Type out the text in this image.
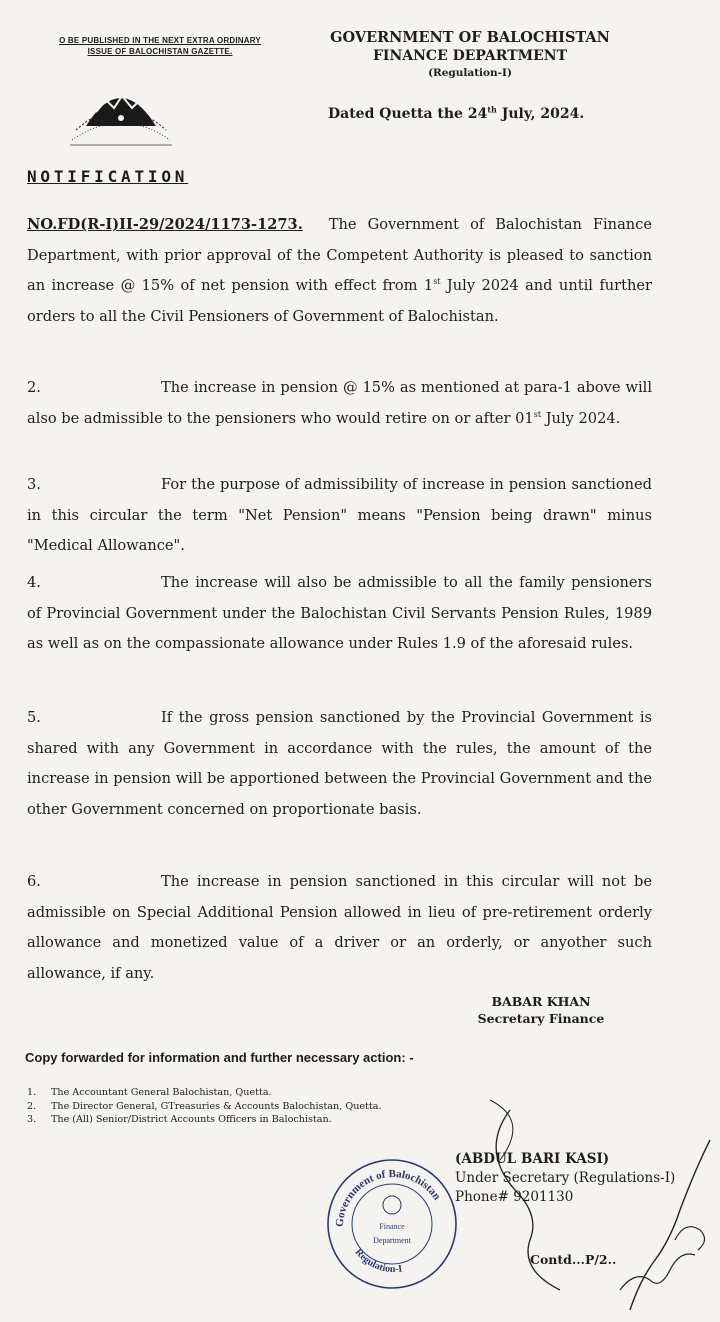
O BE PUBLISHED IN THE NEXT EXTRA ORDINARY
ISSUE OF BALOCHISTAN GAZETTE.
GOVERNMENT OF BALOCHISTAN
FINANCE DEPARTMENT
(Regulation-I)
Dated Quetta the 24th July, 2024.
NOTIFICATION
NO.FD(R-I)II-29/2024/1173-1273. The Government of Balochistan Finance Department, with prior approval of the Competent Authority is pleased to sanction an increase @ 15% of net pension with effect from 1st July 2024 and until further orders to all the Civil Pensioners of Government of Balochistan.
2.	The increase in pension @ 15% as mentioned at para-1 above will also be admissible to the pensioners who would retire on or after 01st July 2024.
3.	For the purpose of admissibility of increase in pension sanctioned in this circular the term "Net Pension" means "Pension being drawn" minus "Medical Allowance".
4.	The increase will also be admissible to all the family pensioners of Provincial Government under the Balochistan Civil Servants Pension Rules, 1989 as well as on the compassionate allowance under Rules 1.9 of the aforesaid rules.
5.	If the gross pension sanctioned by the Provincial Government is shared with any Government in accordance with the rules, the amount of the increase in pension will be apportioned between the Provincial Government and the other Government concerned on proportionate basis.
6.	The increase in pension sanctioned in this circular will not be admissible on Special Additional Pension allowed in lieu of pre-retirement orderly allowance and monetized value of a driver or an orderly, or anyother such allowance, if any.
BABAR KHAN
Secretary Finance
Copy forwarded for information and further necessary action: -
1.	The Accountant General Balochistan, Quetta.
2.	The Director General, GTreasuries & Accounts Balochistan, Quetta.
3.	The (All) Senior/District Accounts Officers in Balochistan.
Government of Balochistan
Regulation-I
Finance
Department
(ABDUL BARI KASI)
Under Secretary (Regulations-I)
Phone# 9201130
Contd...P/2..
